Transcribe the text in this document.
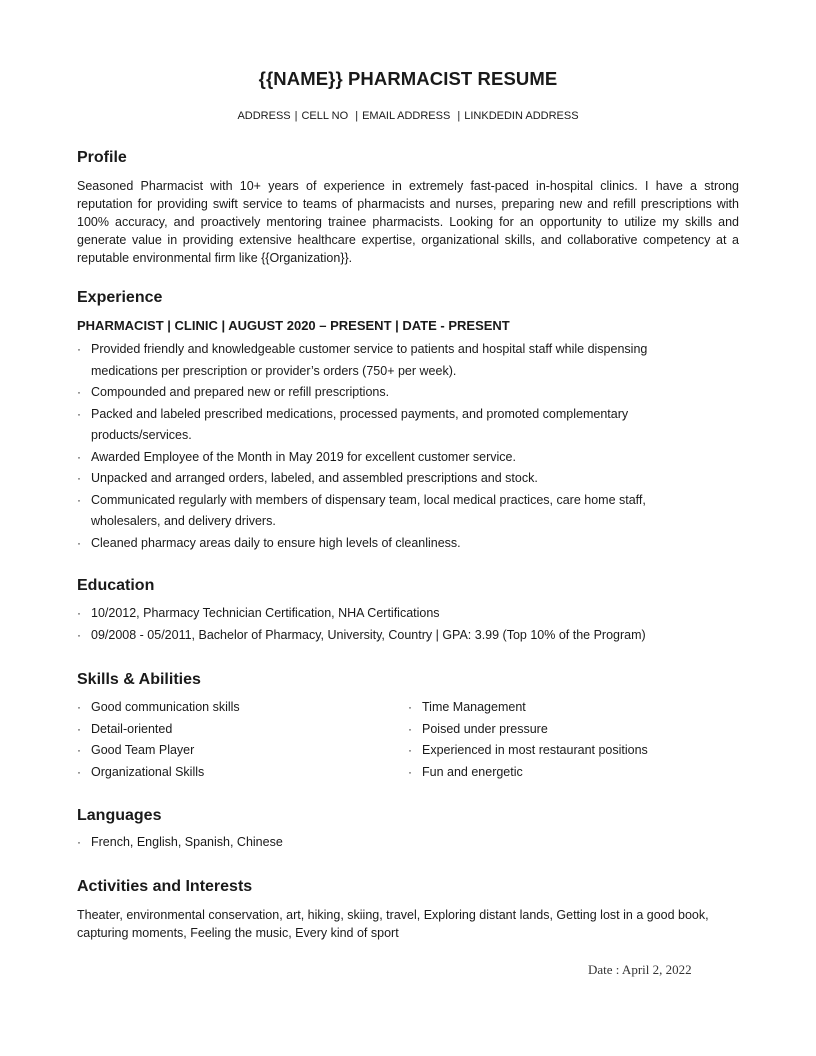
{{NAME}} PHARMACIST RESUME
ADDRESS | CELL NO | EMAIL ADDRESS | LINKDEDIN ADDRESS
Profile
Seasoned Pharmacist with 10+ years of experience in extremely fast-paced in-hospital clinics. I have a strong reputation for providing swift service to teams of pharmacists and nurses, preparing new and refill prescriptions with 100% accuracy, and proactively mentoring trainee pharmacists. Looking for an opportunity to utilize my skills and generate value in providing extensive healthcare expertise, organizational skills, and collaborative competency at a reputable environmental firm like {{Organization}}.
Experience
PHARMACIST | CLINIC | AUGUST 2020 – PRESENT | DATE - PRESENT
· Provided friendly and knowledgeable customer service to patients and hospital staff while dispensing medications per prescription or provider’s orders (750+ per week).
· Compounded and prepared new or refill prescriptions.
· Packed and labeled prescribed medications, processed payments, and promoted complementary products/services.
· Awarded Employee of the Month in May 2019 for excellent customer service.
· Unpacked and arranged orders, labeled, and assembled prescriptions and stock.
· Communicated regularly with members of dispensary team, local medical practices, care home staff, wholesalers, and delivery drivers.
· Cleaned pharmacy areas daily to ensure high levels of cleanliness.
Education
· 10/2012, Pharmacy Technician Certification, NHA Certifications
· 09/2008 - 05/2011, Bachelor of Pharmacy, University, Country | GPA: 3.99 (Top 10% of the Program)
Skills & Abilities
· Good communication skills
· Detail-oriented
· Good Team Player
· Organizational Skills
· Time Management
· Poised under pressure
· Experienced in most restaurant positions
· Fun and energetic
Languages
· French, English, Spanish, Chinese
Activities and Interests
Theater, environmental conservation, art, hiking, skiing, travel, Exploring distant lands, Getting lost in a good book, capturing moments, Feeling the music, Every kind of sport
Date : April 2, 2022
